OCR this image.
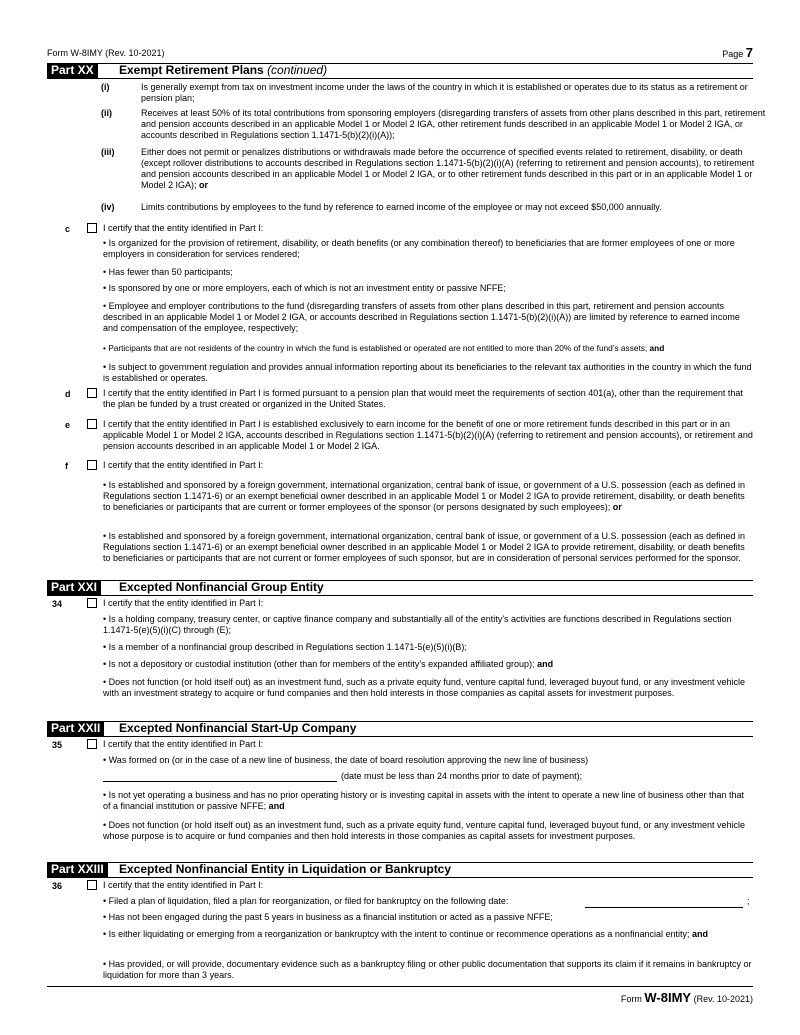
Form W-8IMY (Rev. 10-2021)	Page 7
Part XX	Exempt Retirement Plans (continued)
(i)	Is generally exempt from tax on investment income under the laws of the country in which it is established or operates due to its status as a retirement or pension plan;
(ii)	Receives at least 50% of its total contributions from sponsoring employers (disregarding transfers of assets from other plans described in this part, retirement and pension accounts described in an applicable Model 1 or Model 2 IGA, other retirement funds described in an applicable Model 1 or Model 2 IGA, or accounts described in Regulations section 1.1471-5(b)(2)(i)(A));
(iii)	Either does not permit or penalizes distributions or withdrawals made before the occurrence of specified events related to retirement, disability, or death (except rollover distributions to accounts described in Regulations section 1.1471-5(b)(2)(i)(A) (referring to retirement and pension accounts), to retirement and pension accounts described in an applicable Model 1 or Model 2 IGA, or to other retirement funds described in this part or in an applicable Model 1 or Model 2 IGA); or
(iv)	Limits contributions by employees to the fund by reference to earned income of the employee or may not exceed $50,000 annually.
c	I certify that the entity identified in Part I:
• Is organized for the provision of retirement, disability, or death benefits (or any combination thereof) to beneficiaries that are former employees of one or more employers in consideration for services rendered;
• Has fewer than 50 participants;
• Is sponsored by one or more employers, each of which is not an investment entity or passive NFFE;
• Employee and employer contributions to the fund (disregarding transfers of assets from other plans described in this part, retirement and pension accounts described in an applicable Model 1 or Model 2 IGA, or accounts described in Regulations section 1.1471-5(b)(2)(i)(A)) are limited by reference to earned income and compensation of the employee, respectively;
• Participants that are not residents of the country in which the fund is established or operated are not entitled to more than 20% of the fund’s assets; and
• Is subject to government regulation and provides annual information reporting about its beneficiaries to the relevant tax authorities in the country in which the fund is established or operates.
d	I certify that the entity identified in Part I is formed pursuant to a pension plan that would meet the requirements of section 401(a), other than the requirement that the plan be funded by a trust created or organized in the United States.
e	I certify that the entity identified in Part I is established exclusively to earn income for the benefit of one or more retirement funds described in this part or in an applicable Model 1 or Model 2 IGA, accounts described in Regulations section 1.1471-5(b)(2)(i)(A) (referring to retirement and pension accounts), or retirement and pension accounts described in an applicable Model 1 or Model 2 IGA.
f	I certify that the entity identified in Part I:
• Is established and sponsored by a foreign government, international organization, central bank of issue, or government of a U.S. possession (each as defined in Regulations section 1.1471-6) or an exempt beneficial owner described in an applicable Model 1 or Model 2 IGA to provide retirement, disability, or death benefits to beneficiaries or participants that are current or former employees of the sponsor (or persons designated by such employees); or
• Is established and sponsored by a foreign government, international organization, central bank of issue, or government of a U.S. possession (each as defined in Regulations section 1.1471-6) or an exempt beneficial owner described in an applicable Model 1 or Model 2 IGA to provide retirement, disability, or death benefits to beneficiaries or participants that are not current or former employees of such sponsor, but are in consideration of personal services performed for the sponsor.
Part XXI	Excepted Nonfinancial Group Entity
34	I certify that the entity identified in Part I:
• Is a holding company, treasury center, or captive finance company and substantially all of the entity’s activities are functions described in Regulations section 1.1471-5(e)(5)(i)(C) through (E);
• Is a member of a nonfinancial group described in Regulations section 1.1471-5(e)(5)(i)(B);
• Is not a depository or custodial institution (other than for members of the entity’s expanded affiliated group); and
• Does not function (or hold itself out) as an investment fund, such as a private equity fund, venture capital fund, leveraged buyout fund, or any investment vehicle with an investment strategy to acquire or fund companies and then hold interests in those companies as capital assets for investment purposes.
Part XXII	Excepted Nonfinancial Start-Up Company
35	I certify that the entity identified in Part I:
• Was formed on (or in the case of a new line of business, the date of board resolution approving the new line of business)
(date must be less than 24 months prior to date of payment);
• Is not yet operating a business and has no prior operating history or is investing capital in assets with the intent to operate a new line of business other than that of a financial institution or passive NFFE; and
• Does not function (or hold itself out) as an investment fund, such as a private equity fund, venture capital fund, leveraged buyout fund, or any investment vehicle whose purpose is to acquire or fund companies and then hold interests in those companies as capital assets for investment purposes.
Part XXIII	Excepted Nonfinancial Entity in Liquidation or Bankruptcy
36	I certify that the entity identified in Part I:
• Filed a plan of liquidation, filed a plan for reorganization, or filed for bankruptcy on the following date:	;
• Has not been engaged during the past 5 years in business as a financial institution or acted as a passive NFFE;
• Is either liquidating or emerging from a reorganization or bankruptcy with the intent to continue or recommence operations as a nonfinancial entity; and
• Has provided, or will provide, documentary evidence such as a bankruptcy filing or other public documentation that supports its claim if it remains in bankruptcy or liquidation for more than 3 years.
Form W-8IMY (Rev. 10-2021)
